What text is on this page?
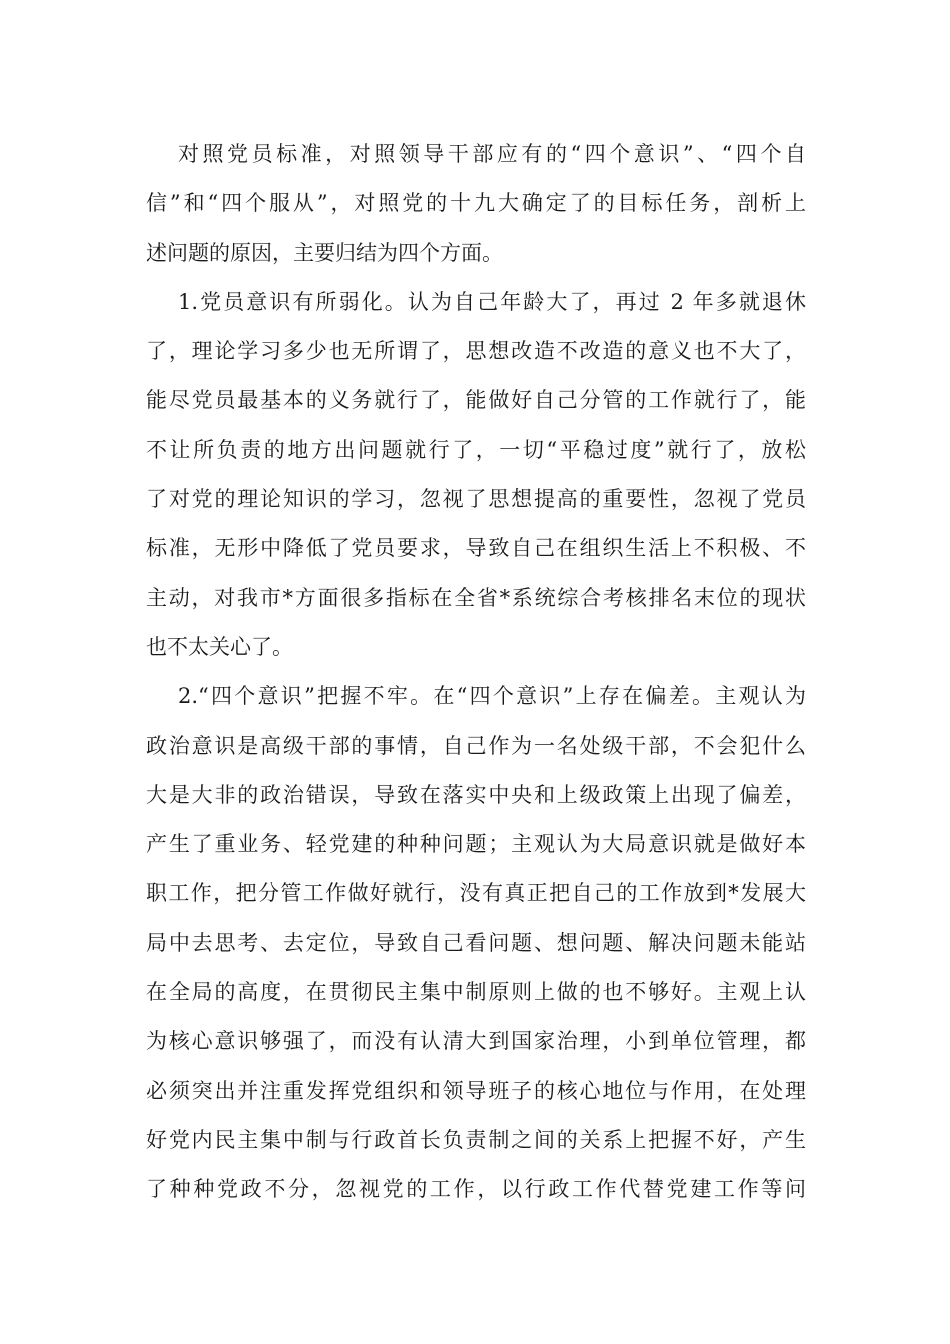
对照党员标准，对照领导干部应有的“四个意识”、“四个自
信”和“四个服从”，对照党的十九大确定了的目标任务，剖析上
述问题的原因，主要归结为四个方面。
1.党员意识有所弱化。认为自己年龄大了，再过 2 年多就退休
了，理论学习多少也无所谓了，思想改造不改造的意义也不大了，
能尽党员最基本的义务就行了，能做好自己分管的工作就行了，能
不让所负责的地方出问题就行了，一切“平稳过度”就行了，放松
了对党的理论知识的学习，忽视了思想提高的重要性，忽视了党员
标准，无形中降低了党员要求，导致自己在组织生活上不积极、不
主动，对我市*方面很多指标在全省*系统综合考核排名末位的现状
也不太关心了。
2.“四个意识”把握不牢。在“四个意识”上存在偏差。主观认为
政治意识是高级干部的事情，自己作为一名处级干部，不会犯什么
大是大非的政治错误，导致在落实中央和上级政策上出现了偏差，
产生了重业务、轻党建的种种问题；主观认为大局意识就是做好本
职工作，把分管工作做好就行，没有真正把自己的工作放到*发展大
局中去思考、去定位，导致自己看问题、想问题、解决问题未能站
在全局的高度，在贯彻民主集中制原则上做的也不够好。主观上认
为核心意识够强了，而没有认清大到国家治理，小到单位管理，都
必须突出并注重发挥党组织和领导班子的核心地位与作用，在处理
好党内民主集中制与行政首长负责制之间的关系上把握不好，产生
了种种党政不分，忽视党的工作，以行政工作代替党建工作等问
